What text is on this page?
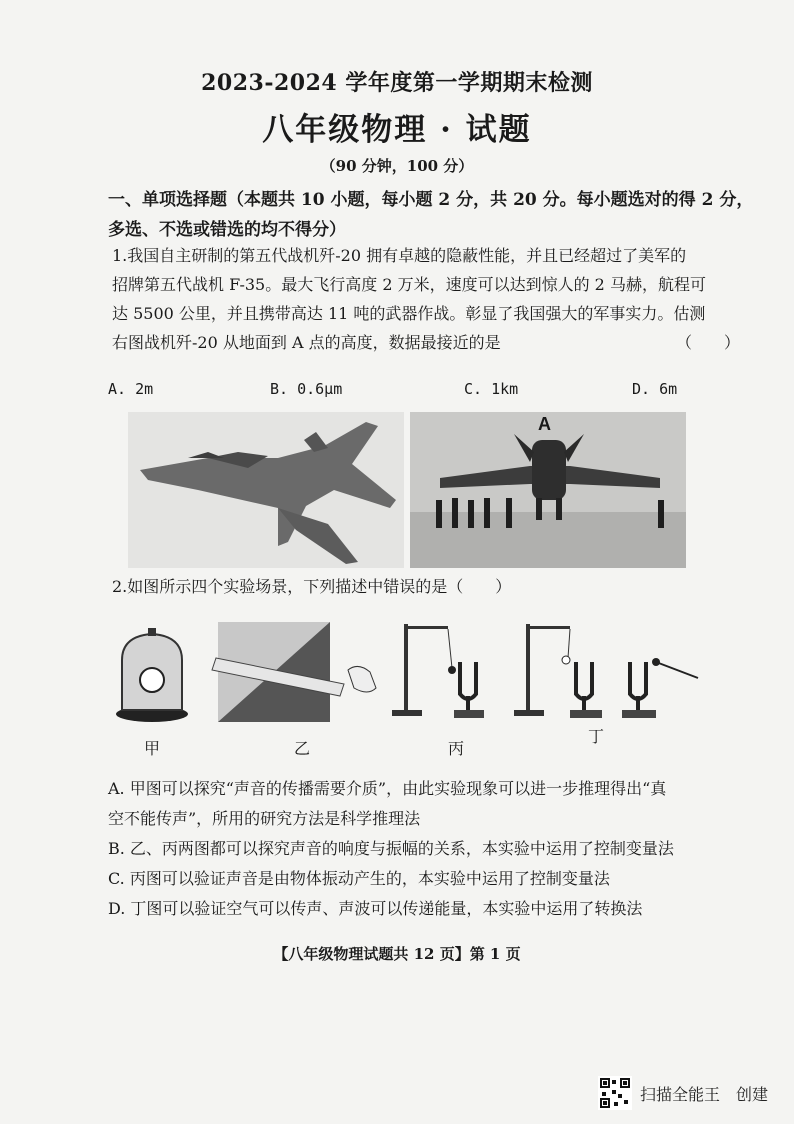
2023-2024 学年度第一学期期末检测
八年级物理 · 试题
（90 分钟，100 分）
一、单项选择题（本题共 10 小题，每小题 2 分，共 20 分。每小题选对的得 2 分，
多选、不选或错选的均不得分）
1.我国自主研制的第五代战机歼-20 拥有卓越的隐蔽性能，并且已经超过了美军的
招牌第五代战机 F-35。最大飞行高度 2 万米，速度可以达到惊人的 2 马赫，航程可
达 5500 公里，并且携带高达 11 吨的武器作战。彰显了我国强大的军事实力。估测
右图战机歼-20 从地面到 A 点的高度，数据最接近的是	（　　）
A. 2m	B. 0.6μm	C. 1km	D. 6m
A
2.如图所示四个实验场景，下列描述中错误的是（　　）
甲	乙	丙
丁
A. 甲图可以探究“声音的传播需要介质”，由此实验现象可以进一步推理得出“真
空不能传声”，所用的研究方法是科学推理法
B. 乙、丙两图都可以探究声音的响度与振幅的关系，本实验中运用了控制变量法
C. 丙图可以验证声音是由物体振动产生的，本实验中运用了控制变量法
D. 丁图可以验证空气可以传声、声波可以传递能量，本实验中运用了转换法
【八年级物理试题共 12 页】第 1 页
扫描全能王　创建
